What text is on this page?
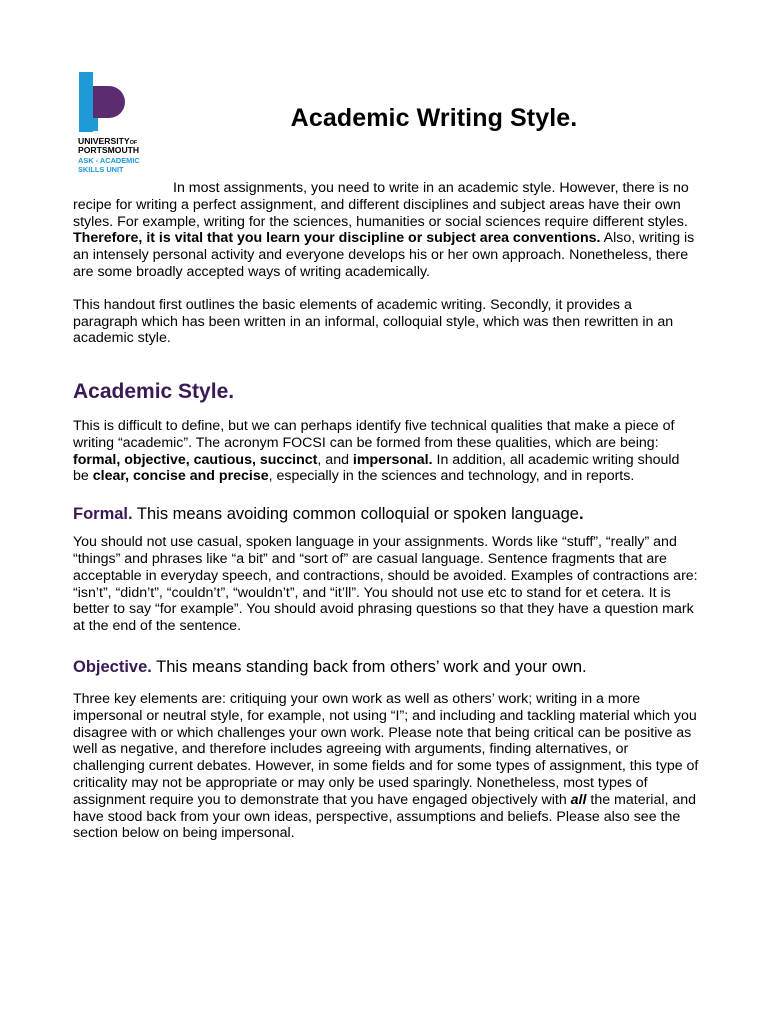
UNIVERSITYOF
PORTSMOUTH
ASK - ACADEMIC
SKILLS UNIT
Academic Writing Style.

In most assignments, you need to write in an academic style. However, there is no recipe for writing a perfect assignment, and different disciplines and subject areas have their own styles. For example, writing for the sciences, humanities or social sciences require different styles. Therefore, it is vital that you learn your discipline or subject area conventions. Also, writing is an intensely personal activity and everyone develops his or her own approach. Nonetheless, there are some broadly accepted ways of writing academically.

This handout first outlines the basic elements of academic writing. Secondly, it provides a paragraph which has been written in an informal, colloquial style, which was then rewritten in an academic style.

Academic Style.

This is difficult to define, but we can perhaps identify five technical qualities that make a piece of writing “academic”. The acronym FOCSI can be formed from these qualities, which are being: formal, objective, cautious, succinct, and impersonal. In addition, all academic writing should be clear, concise and precise, especially in the sciences and technology, and in reports.

Formal. This means avoiding common colloquial or spoken language.

You should not use casual, spoken language in your assignments. Words like “stuff”, “really” and “things” and phrases like “a bit” and “sort of” are casual language. Sentence fragments that are acceptable in everyday speech, and contractions, should be avoided. Examples of contractions are: “isn’t”, “didn’t”, “couldn’t”, “wouldn’t”, and “it’ll”. You should not use etc to stand for et cetera. It is better to say “for example”. You should avoid phrasing questions so that they have a question mark at the end of the sentence.

Objective. This means standing back from others’ work and your own.

Three key elements are: critiquing your own work as well as others’ work; writing in a more impersonal or neutral style, for example, not using “I”; and including and tackling material which you disagree with or which challenges your own work. Please note that being critical can be positive as well as negative, and therefore includes agreeing with arguments, finding alternatives, or challenging current debates. However, in some fields and for some types of assignment, this type of criticality may not be appropriate or may only be used sparingly. Nonetheless, most types of assignment require you to demonstrate that you have engaged objectively with all the material, and have stood back from your own ideas, perspective, assumptions and beliefs. Please also see the section below on being impersonal.
